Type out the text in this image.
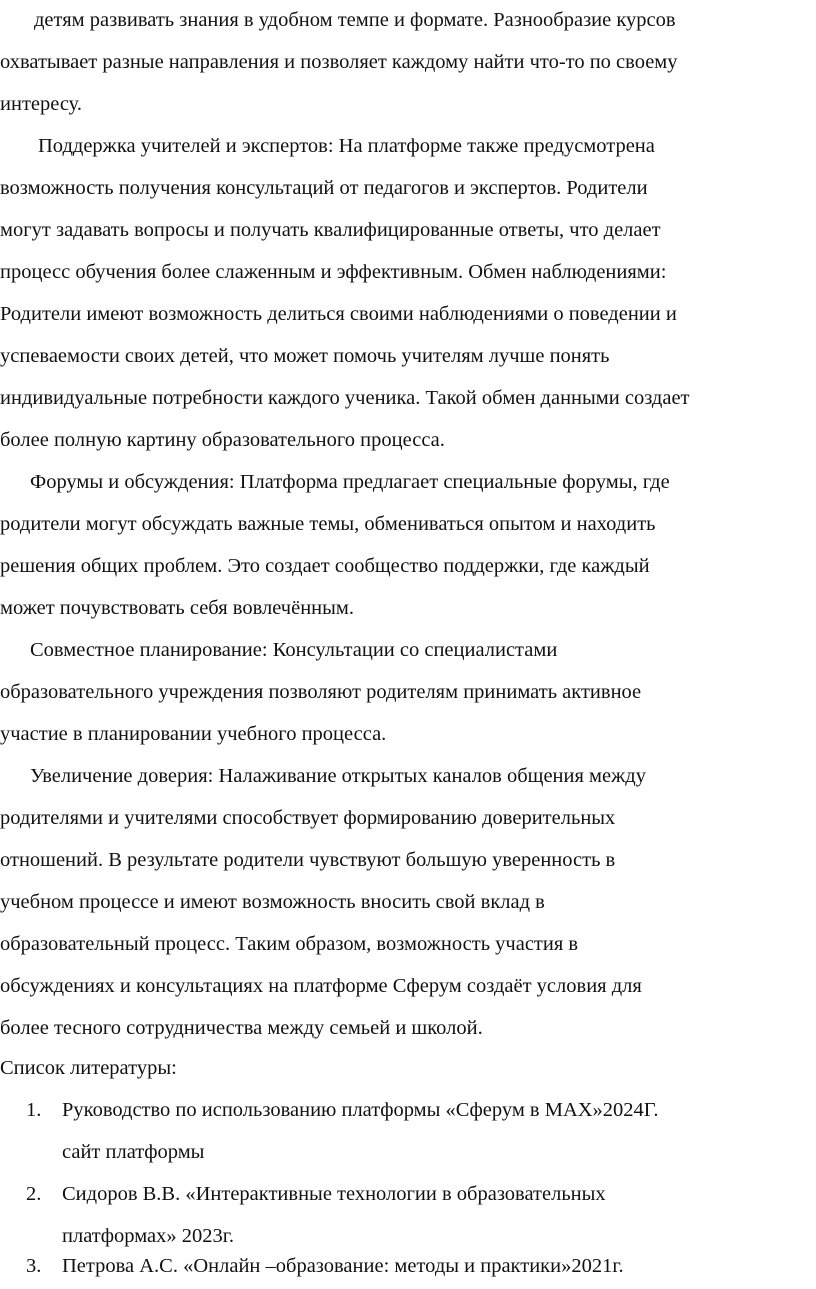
детям развивать знания в удобном темпе и формате. Разнообразие курсов
охватывает разные направления и позволяет каждому найти что-то по своему
интересу.
Поддержка учителей и экспертов: На платформе также предусмотрена
возможность получения консультаций от педагогов и экспертов. Родители
могут задавать вопросы и получать квалифицированные ответы, что делает
процесс обучения более слаженным и эффективным. Обмен наблюдениями:
Родители имеют возможность делиться своими наблюдениями о поведении и
успеваемости своих детей, что может помочь учителям лучше понять
индивидуальные потребности каждого ученика. Такой обмен данными создает
более полную картину образовательного процесса.
Форумы и обсуждения: Платформа предлагает специальные форумы, где
родители могут обсуждать важные темы, обмениваться опытом и находить
решения общих проблем. Это создает сообщество поддержки, где каждый
может почувствовать себя вовлечённым.
Совместное планирование: Консультации со специалистами
образовательного учреждения позволяют родителям принимать активное
участие в планировании учебного процесса.
Увеличение доверия: Налаживание открытых каналов общения между
родителями и учителями способствует формированию доверительных
отношений. В результате родители чувствуют большую уверенность в
учебном процессе и имеют возможность вносить свой вклад в
образовательный процесс. Таким образом, возможность участия в
обсуждениях и консультациях на платформе Сферум создаёт условия для
более тесного сотрудничества между семьей и школой.
Список литературы:
1. Руководство по использованию платформы «Сферум в МАХ»2024Г.
сайт платформы
2. Сидоров В.В. «Интерактивные технологии в образовательных
платформах» 2023г.
3. Петрова А.С. «Онлайн –образование: методы и практики»2021г.
